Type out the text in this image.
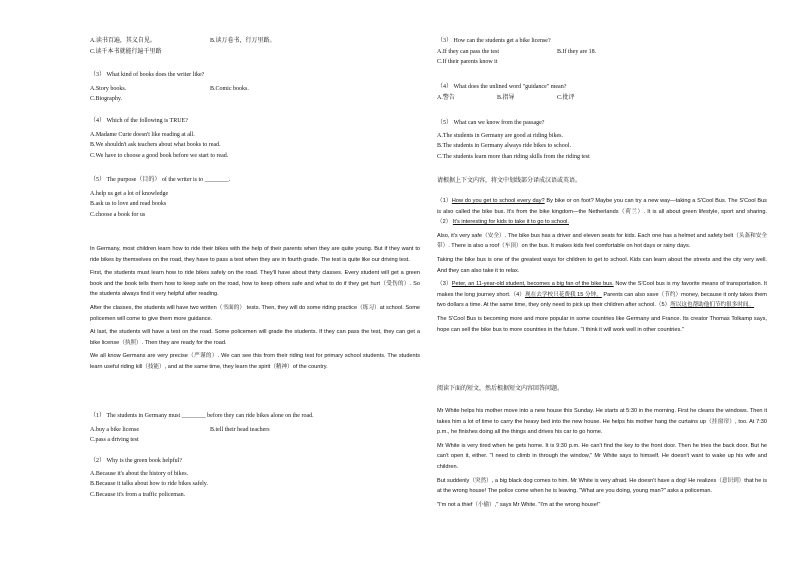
A.读书百遍，其义自见。	B.读万卷书，行万里路。
C.读千本书就能行遍千里路
（3） What kind of books does the writer like?
A.Story books.	B.Comic books.
C.Biography.
（4） Which of the following is TRUE?
A.Madame Curie doesn't like reading at all.
B.We shouldn't ask teachers about what books to read.
C.We have to choose a good book before we start to read.
（5） The purpose（目的） of the writer is to ________.
A.help us get a lot of knowledge
B.ask us to love and read books
C.choose a book for us
In Germany, most children learn how to ride their bikes with the help of their parents when they are quite young. But if they want to ride bikes by themselves on the road, they have to pass a test when they are in fourth grade. The test is quite like our driving test.
First, the students must learn how to ride bikes safely on the road. They'll have about thirty classes. Every student will get a green book and the book tells them how to keep safe on the road, how to keep others safe and what to do if they get hurt（受伤的）. So the students always find it very helpful after reading.
After the classes, the students will have two written（书面的） tests. Then, they will do some riding practice（练习）at school. Some policemen will come to give them more guidance.
At last, the students will have a test on the road. Some policemen will grade the students. If they can pass the test, they can get a bike license（执照）. Then they are ready for the road.
We all know Germans are very precise（严谨的）. We can see this from their riding test for primary school students. The students learn useful riding kill（技能）, and at the same time, they learn the spirit（精神）of the country.
（1） The students in Germany must ________ before they can ride bikes alone on the road.
A.buy a bike license	B.tell their head teachers
C.pass a driving test
（2） Why is the green book helpful?
A.Because it's about the history of bikes.
B.Because it talks about how to ride bikes safely.
C.Because it's from a traffic policeman.
（3） How can the students get a bike license?
A.If they can pass the test	B.If they are 18.
C.If their parents know it
（4） What does the unlined word "guidance" mean?
A.警告	B.指导	C.批评
（5） What can we know from the passage?
A.The students in Germany are good at riding bikes.
B.The students in Germany always ride bikes to school.
C.The students learn more than riding skills from the riding test
请根据上下文内容，将文中划线部分译成汉语或英语。
（1）How do you get to school every day? By bike or on foot? Maybe you can try a new way—taking a S'Cool Bus. The S'Cool Bus is also called the bike bus. It's from the bike kingdom—the Netherlands（荷兰）. It is all about green lifestyle, sport and sharing.（2） It's interesting for kids to take it to go to school.
Also, it's very safe（安全）. The bike bus has a driver and eleven seats for kids. Each one has a helmet and safety belt（头盔和安全带）. There is also a roof（车顶）on the bus. It makes kids feel comfortable on hot days or rainy days.
Taking the bike bus is one of the greatest ways for children to get to school. Kids can learn about the streets and the city very well. And they can also take it to relax.
（3）Peter, an 11-year-old student, becomes a big fan of the bike bus. Now the S'Cool bus is my favorite means of transportation. It makes the long journey short.（4）现在去学校只花费我 15 分钟。 Parents can also save（节约）money, because it only takes them two dollars a time. At the same time, they only need to pick up their children after school.（5）所以这也帮助他们节约很多时间。
The S'Cool Bus is becoming more and more popular in some countries like Germany and France. Its creator Thomas Tolkamp says, hope can sell the bike bus to more countries in the future. "I think it will work well in other countries."
阅读下面的短文，然后根据短文内容回答问题。
Mr White helps his mother move into a new house this Sunday. He starts at 5:30 in the morning. First he cleans the windows. Then it takes him a lot of time to carry the heavy bed into the new house. He helps his mother hang the curtains up（挂窗帘）, too. At 7:30 p.m., he finishes doing all the things and drives his car to go home.
Mr White is very tired when he gets home. It is 9:30 p.m. He can't find the key to the front door. Then he tries the back door. But he can't open it, either. "I need to climb in through the window," Mr White says to himself. He doesn't want to wake up his wife and children.
But suddenly（突然）, a big black dog comes to him. Mr White is very afraid. He doesn't have a dog! He realizes（意识到）that he is at the wrong house! The police come when he is leaving. "What are you doing, young man?" asks a policeman.
"I'm not a thief（小偷）," says Mr White. "I'm at the wrong house!"
